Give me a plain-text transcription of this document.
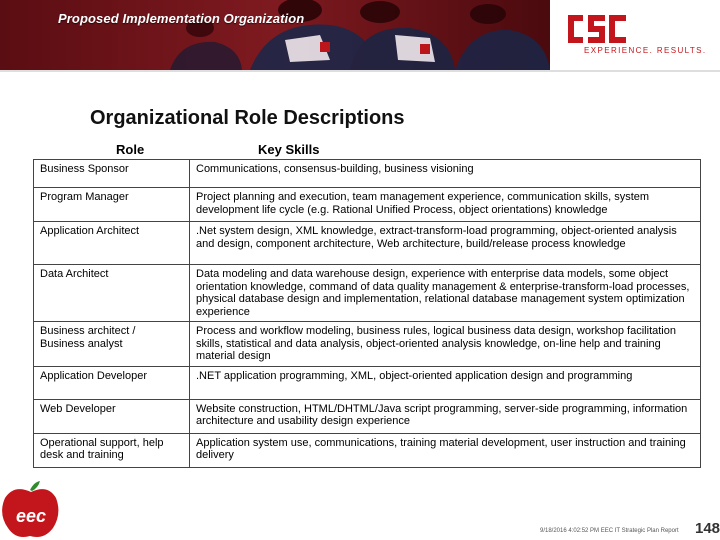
Proposed Implementation Organization
EXPERIENCE. RESULTS.
Organizational Role Descriptions
Role	Key Skills
Business Sponsor	Communications, consensus-building, business visioning
Program Manager	Project planning and execution, team management experience, communication skills, system development life cycle (e.g. Rational Unified Process, object orientations) knowledge
Application Architect	.Net system design, XML knowledge, extract-transform-load programming, object-oriented analysis and design, component architecture, Web architecture, build/release process knowledge
Data Architect	Data modeling and data warehouse design, experience with enterprise data models, some object orientation knowledge, command of data quality management & enterprise-transform-load processes, physical database design and implementation, relational database management system optimization experience
Business architect / Business analyst	Process and workflow modeling, business rules, logical business data design, workshop facilitation skills, statistical and data analysis, object-oriented analysis knowledge, on-line help and training material design
Application Developer	.NET application programming, XML, object-oriented application design and programming
Web Developer	Website construction, HTML/DHTML/Java script programming, server-side programming, information architecture and usability design experience
Operational support, help desk and training	Application system use, communications, training material development, user instruction and training delivery
eec
9/18/2016 4:02:52 PM EEC IT Strategic Plan Report 148
